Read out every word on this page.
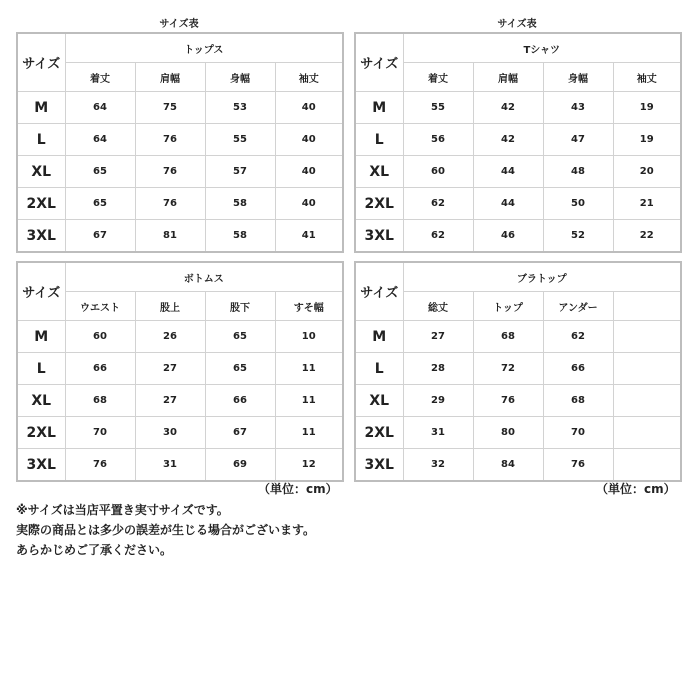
サイズ表	サイズ表
サイズ	トップス			
	着丈	肩幅	身幅	袖丈
M	64	75	53	40
L	64	76	55	40
XL	65	76	57	40
2XL	65	76	58	40
3XL	67	81	58	41
サイズ	Tシャツ			
	着丈	肩幅	身幅	袖丈
M	55	42	43	19
L	56	42	47	19
XL	60	44	48	20
2XL	62	44	50	21
3XL	62	46	52	22
サイズ	ボトムス			
	ウエスト	股上	股下	すそ幅
M	60	26	65	10
L	66	27	65	11
XL	68	27	66	11
2XL	70	30	67	11
3XL	76	31	69	12
サイズ	ブラトップ			
	総丈	トップ	アンダー	
M	27	68	62	
L	28	72	66	
XL	29	76	68	
2XL	31	80	70	
3XL	32	84	76	
（単位：cm）	（単位：cm）
※サイズは当店平置き実寸サイズです。
実際の商品とは多少の誤差が生じる場合がございます。
あらかじめご了承ください。
